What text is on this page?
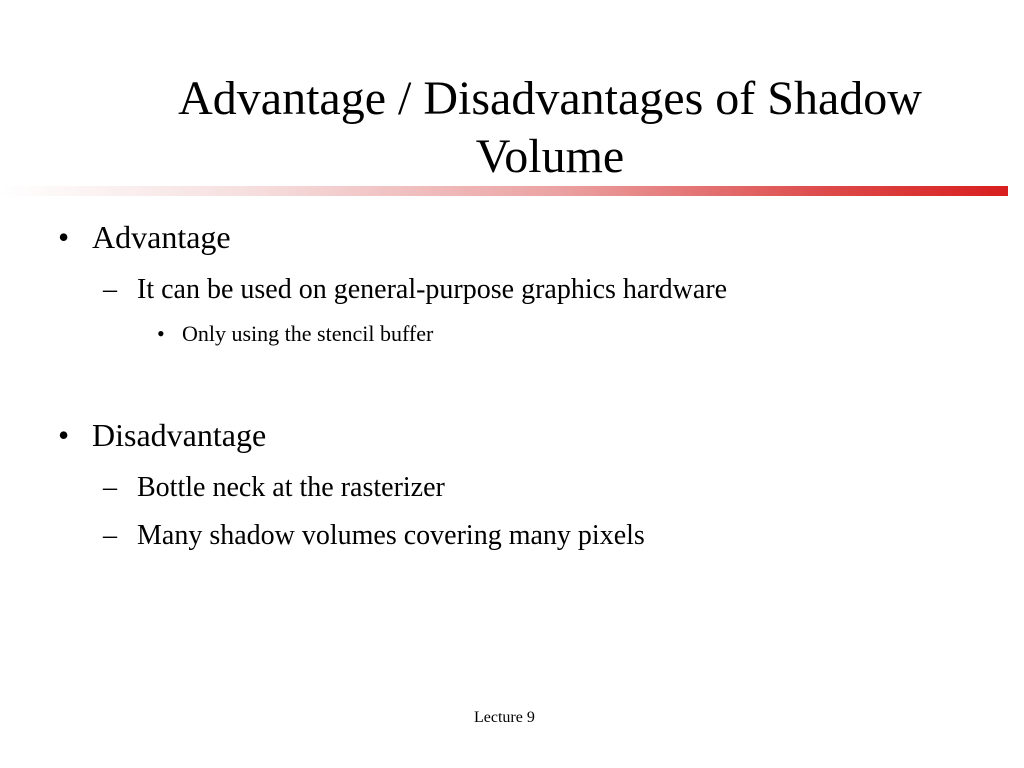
Advantage / Disadvantages of Shadow Volume
• Advantage
– It can be used on general-purpose graphics hardware
• Only using the stencil buffer
• Disadvantage
– Bottle neck at the rasterizer
– Many shadow volumes covering many pixels
Lecture 9
